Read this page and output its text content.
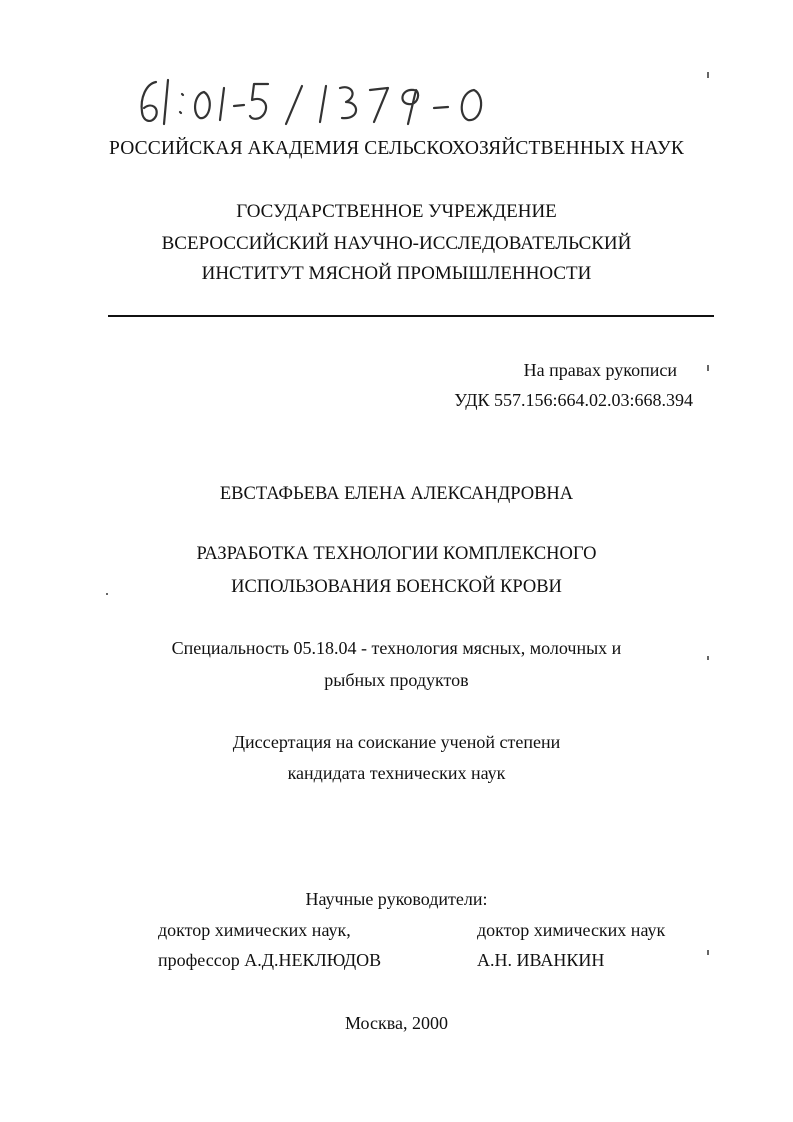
РОССИЙСКАЯ АКАДЕМИЯ СЕЛЬСКОХОЗЯЙСТВЕННЫХ НАУК
ГОСУДАРСТВЕННОЕ УЧРЕЖДЕНИЕ
ВСЕРОССИЙСКИЙ НАУЧНО-ИССЛЕДОВАТЕЛЬСКИЙ
ИНСТИТУТ МЯСНОЙ ПРОМЫШЛЕННОСТИ
На правах рукописи
УДК 557.156:664.02.03:668.394
ЕВСТАФЬЕВА ЕЛЕНА АЛЕКСАНДРОВНА
РАЗРАБОТКА ТЕХНОЛОГИИ КОМПЛЕКСНОГО
ИСПОЛЬЗОВАНИЯ БОЕНСКОЙ КРОВИ
Специальность 05.18.04 - технология мясных, молочных и
рыбных продуктов
Диссертация на соискание ученой степени
кандидата технических наук
Научные руководители:
доктор химических наук,
профессор А.Д.НЕКЛЮДОВ
доктор химических наук
А.Н. ИВАНКИН
Москва, 2000
